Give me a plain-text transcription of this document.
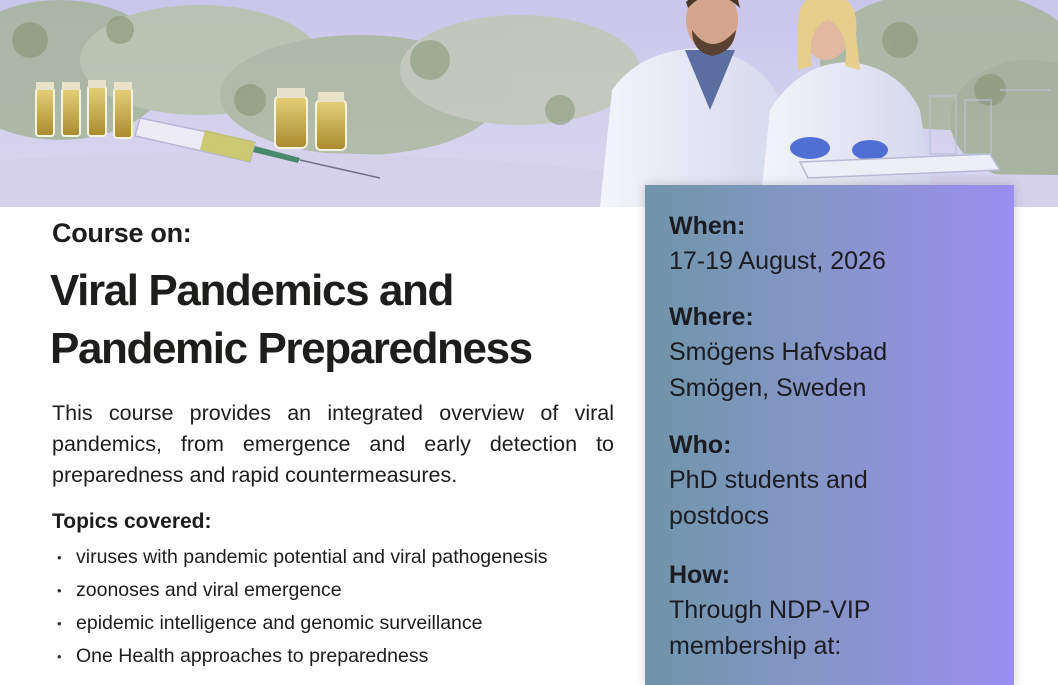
Course on:
Viral Pandemics and
Pandemic Preparedness

This course provides an integrated overview of viral pandemics, from emergence and early detection to preparedness and rapid countermeasures.

Topics covered:
• viruses with pandemic potential and viral pathogenesis
• zoonoses and viral emergence
• epidemic intelligence and genomic surveillance
• One Health approaches to preparedness
When:
17-19 August, 2026
Where:
Smögens Hafvsbad
Smögen, Sweden
Who:
PhD students and
postdocs
How:
Through NDP-VIP
membership at:
